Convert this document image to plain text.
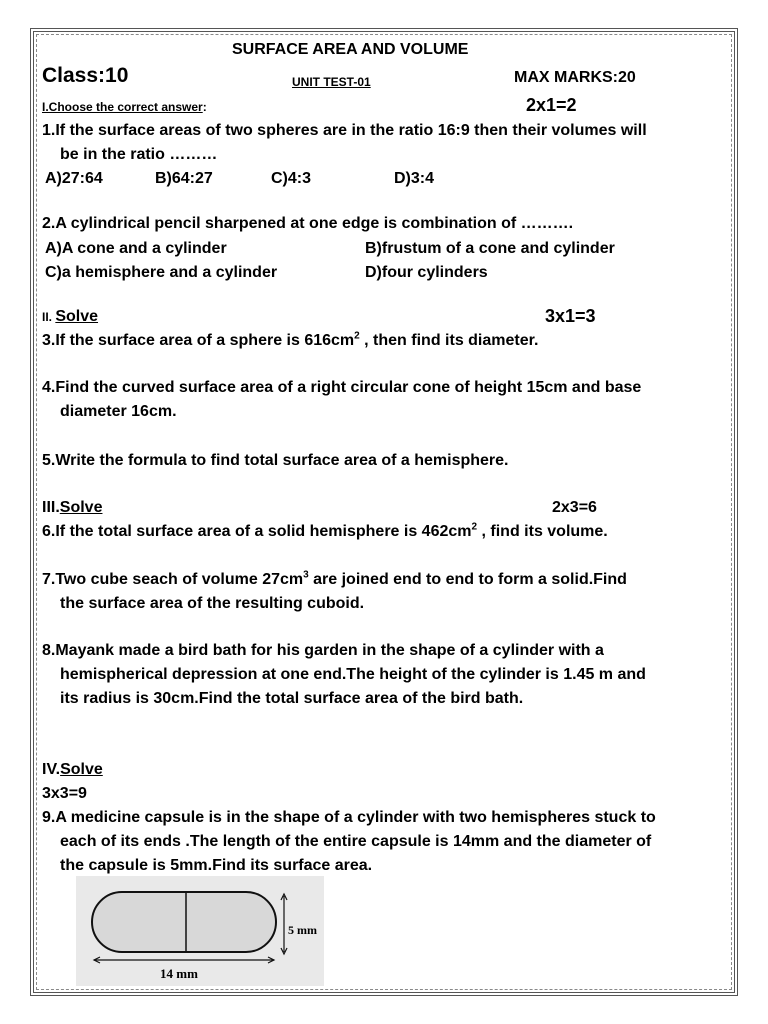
SURFACE AREA AND VOLUME
Class:10	UNIT TEST-01	MAX MARKS:20
I.Choose the correct answer:	2x1=2
1.If the surface areas of two spheres are in the ratio 16:9 then their volumes will
be in the ratio ………
A)27:64	B)64:27	C)4:3	D)3:4
2.A cylindrical pencil sharpened at one edge is combination of ……….
A)A cone and a cylinder	B)frustum of a cone and cylinder
C)a hemisphere and a cylinder	D)four cylinders
II. Solve	3x1=3
3.If the surface area of a sphere is $616cm^2$ , then find its diameter.
4.Find the curved surface area of a right circular cone of height 15cm and base
diameter 16cm.
5.Write the formula to find total surface area of a hemisphere.
III.Solve	2x3=6
6.If the total surface area of a solid hemisphere is $462cm^2$ , find its volume.
7.Two cube seach of volume $27cm^3$ are joined end to end to form a solid.Find
the surface area of the resulting cuboid.
8.Mayank made a bird bath for his garden in the shape of a cylinder with a
hemispherical depression at one end.The height of the cylinder is 1.45 m and
its radius is 30cm.Find the total surface area of the bird bath.
IV.Solve
3x3=9
9.A medicine capsule is in the shape of a cylinder with two hemispheres stuck to
each of its ends .The length of the entire capsule is 14mm and the diameter of
the capsule is 5mm.Find its surface area.
5 mm
14 mm
